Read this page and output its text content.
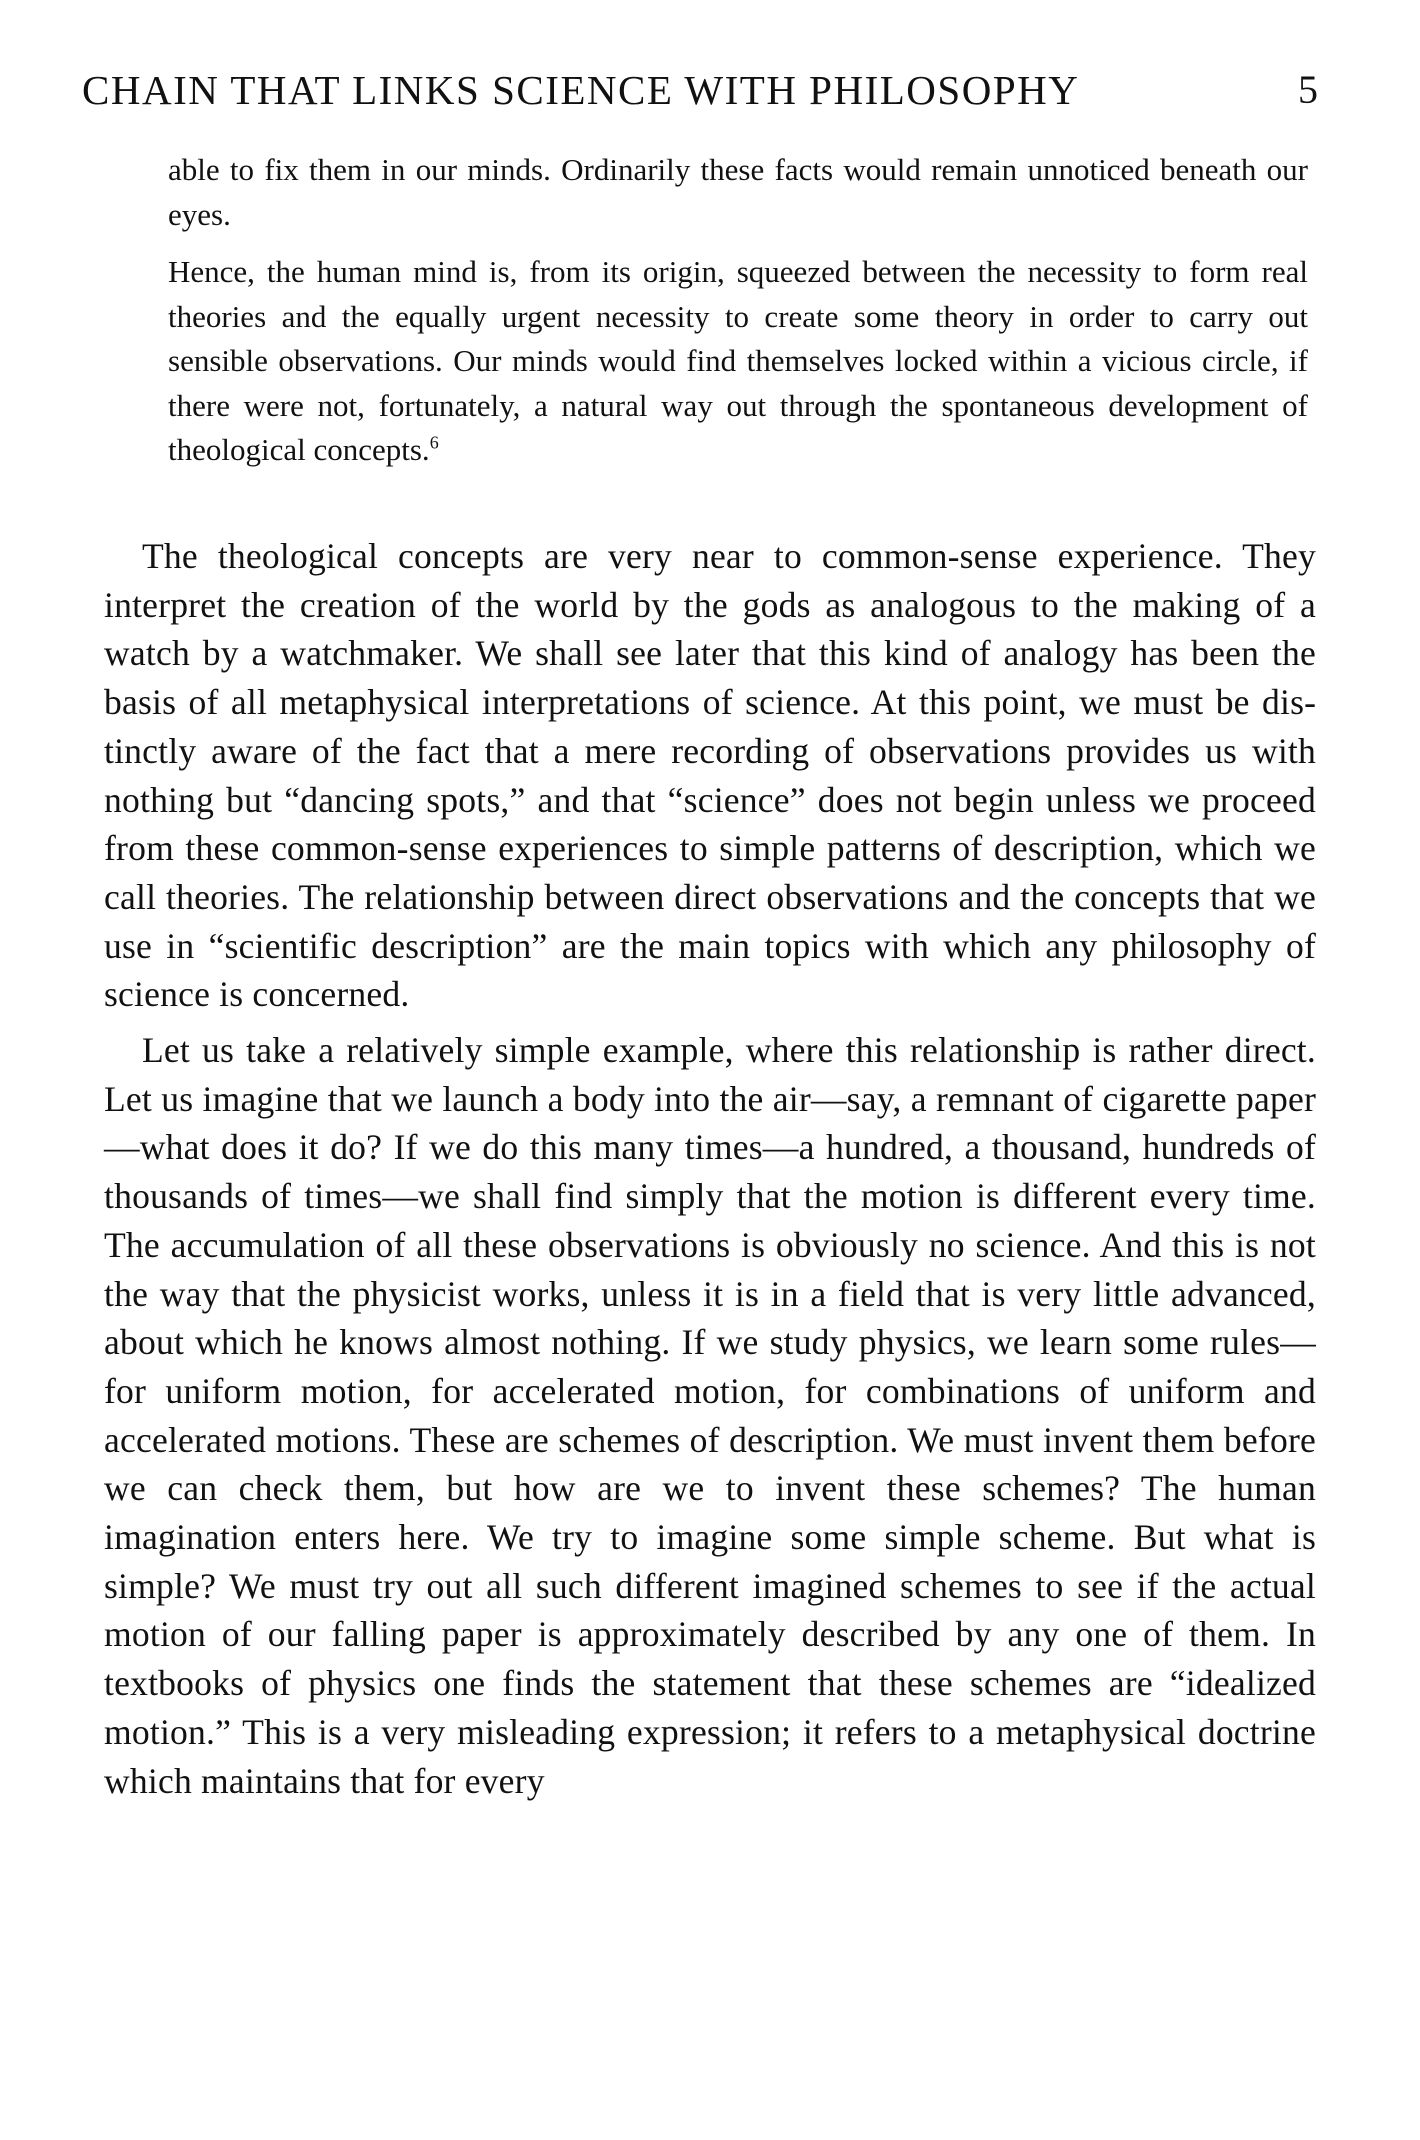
CHAIN THAT LINKS SCIENCE WITH PHILOSOPHY	5

able to fix them in our minds. Ordinarily these facts would remain unnoticed beneath our eyes.

Hence, the human mind is, from its origin, squeezed between the necessity to form real theories and the equally urgent necessity to create some theory in order to carry out sensible observations. Our minds would find themselves locked within a vicious circle, if there were not, fortunately, a natural way out through the spontaneous development of theological concepts.$^6$

The theological concepts are very near to common-sense experience. They interpret the creation of the world by the gods as analogous to the making of a watch by a watchmaker. We shall see later that this kind of analogy has been the basis of all metaphysical interpretations of science. At this point, we must be distinctly aware of the fact that a mere recording of observations provides us with nothing but “dancing spots,” and that “science” does not begin unless we proceed from these common-sense experiences to simple patterns of description, which we call theories. The relationship between direct observations and the concepts that we use in “scientific description” are the main topics with which any philosophy of science is concerned.

Let us take a relatively simple example, where this relationship is rather direct. Let us imagine that we launch a body into the air—say, a remnant of cigarette paper—what does it do? If we do this many times—a hundred, a thousand, hundreds of thousands of times—we shall find simply that the motion is different every time. The accumulation of all these observations is obviously no science. And this is not the way that the physicist works, unless it is in a field that is very little advanced, about which he knows almost nothing. If we study physics, we learn some rules—for uniform motion, for accelerated motion, for combinations of uniform and accelerated motions. These are schemes of description. We must invent them before we can check them, but how are we to invent these schemes? The human imagination enters here. We try to imagine some simple scheme. But what is simple? We must try out all such different imagined schemes to see if the actual motion of our falling paper is approximately described by any one of them. In textbooks of physics one finds the statement that these schemes are “idealized motion.” This is a very misleading expression; it refers to a metaphysical doctrine which maintains that for every
